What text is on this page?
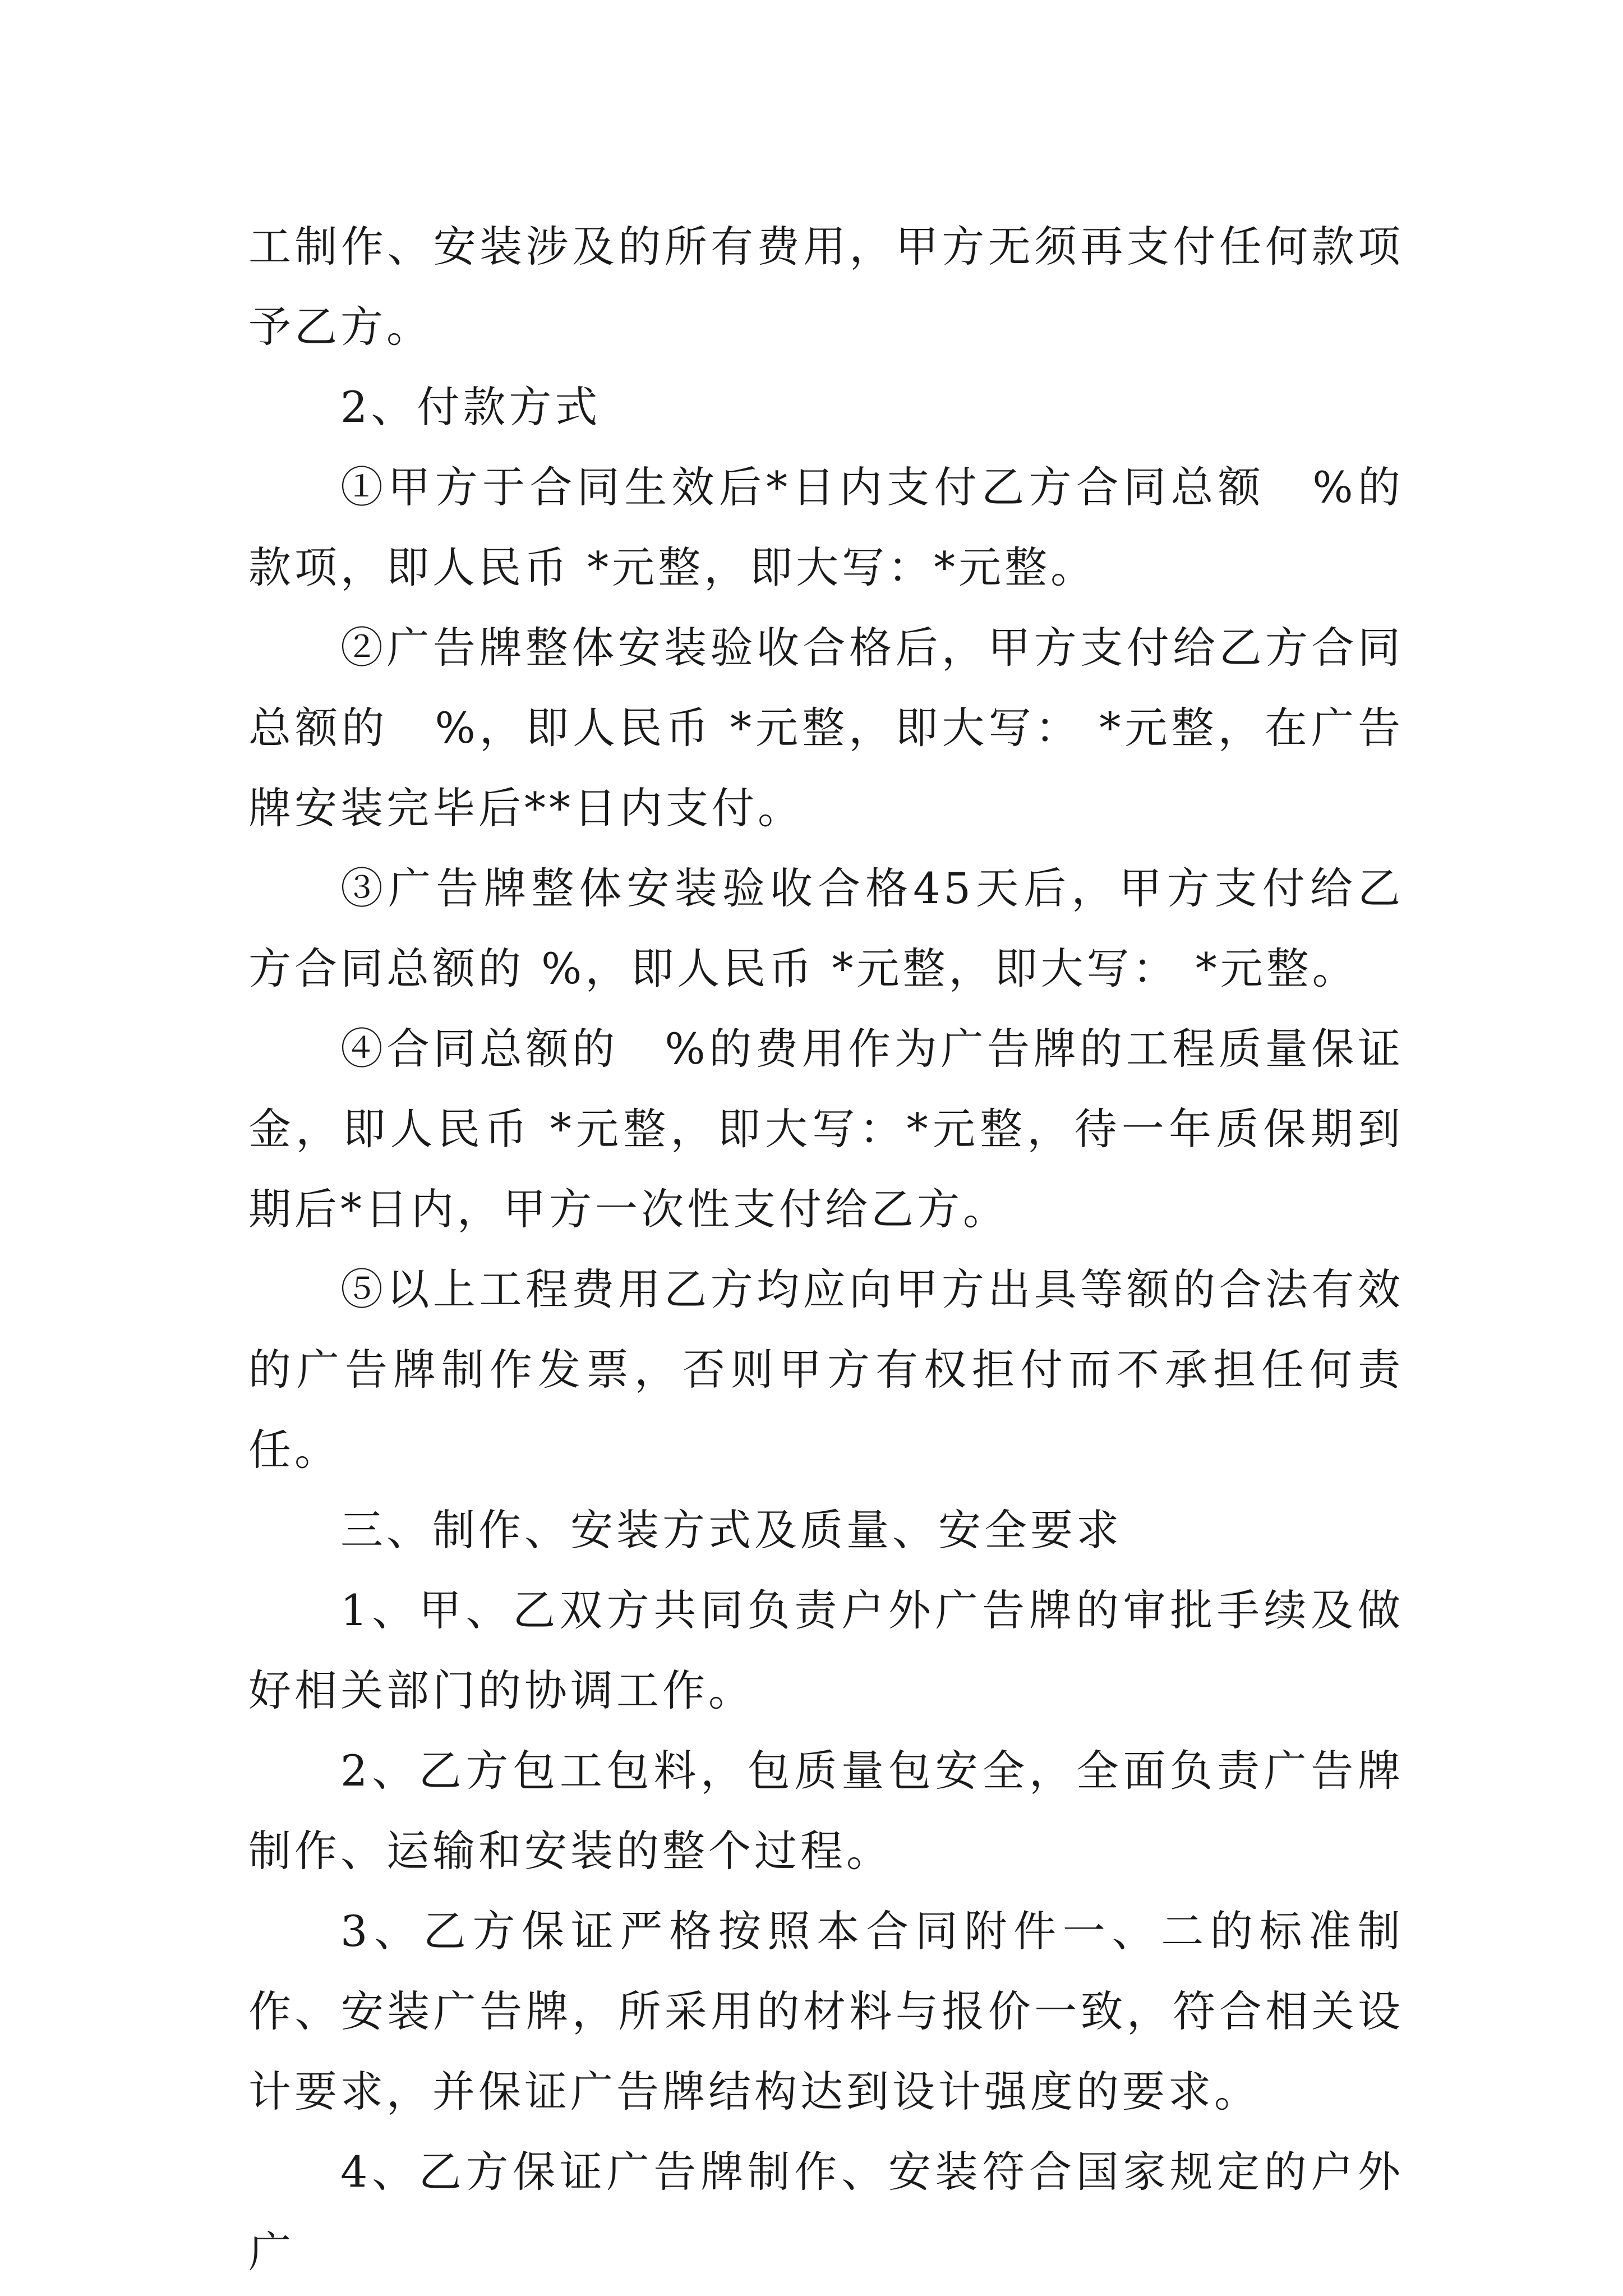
工制作、安装涉及的所有费用，甲方无须再支付任何款项予乙方。

2、付款方式

①甲方于合同生效后*日内支付乙方合同总额　%的款项，即人民币 *元整，即大写：*元整。

②广告牌整体安装验收合格后，甲方支付给乙方合同总额的　%，即人民币 *元整，即大写： *元整，在广告牌安装完毕后**日内支付。

③广告牌整体安装验收合格45天后，甲方支付给乙方合同总额的 %，即人民币 *元整，即大写： *元整。

④合同总额的　%的费用作为广告牌的工程质量保证金，即人民币 *元整，即大写：*元整，待一年质保期到期后*日内，甲方一次性支付给乙方。

⑤以上工程费用乙方均应向甲方出具等额的合法有效的广告牌制作发票，否则甲方有权拒付而不承担任何责任。

三、制作、安装方式及质量、安全要求

1、甲、乙双方共同负责户外广告牌的审批手续及做好相关部门的协调工作。

2、乙方包工包料，包质量包安全，全面负责广告牌制作、运输和安装的整个过程。

3、乙方保证严格按照本合同附件一、二的标准制作、安装广告牌，所采用的材料与报价一致，符合相关设计要求，并保证广告牌结构达到设计强度的要求。

4、乙方保证广告牌制作、安装符合国家规定的户外广
